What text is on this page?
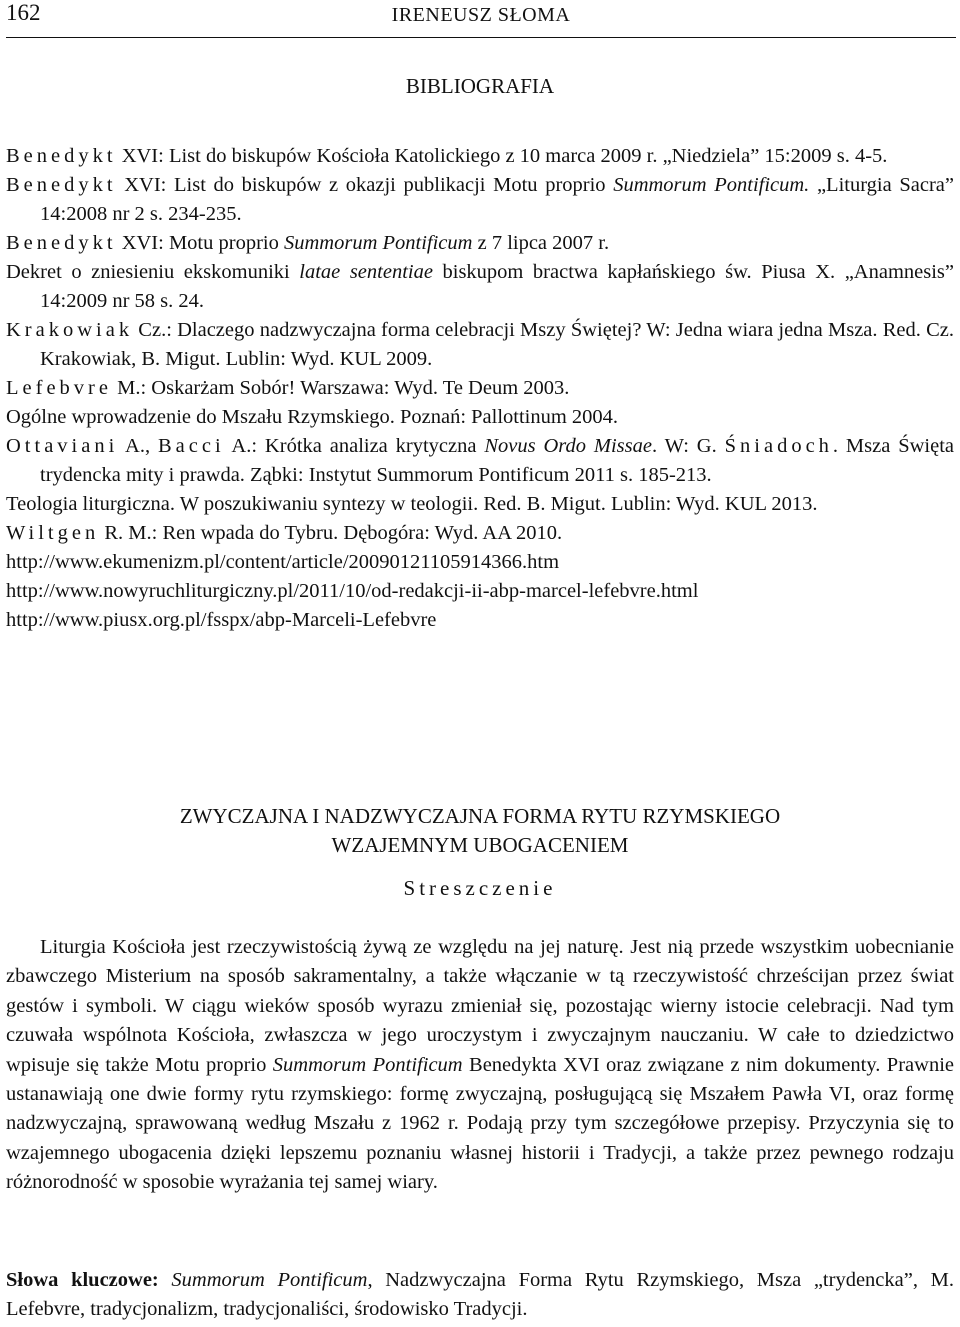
162	IRENEUSZ SŁOMA
BIBLIOGRAFIA
Benedykt XVI: List do biskupów Kościoła Katolickiego z 10 marca 2009 r. „Niedziela” 15:2009 s. 4-5.
Benedykt XVI: List do biskupów z okazji publikacji Motu proprio Summorum Pontificum. „Liturgia Sacra” 14:2008 nr 2 s. 234-235.
Benedykt XVI: Motu proprio Summorum Pontificum z 7 lipca 2007 r.
Dekret o zniesieniu ekskomuniki latae sententiae biskupom bractwa kapłańskiego św. Piusa X. „Anamnesis” 14:2009 nr 58 s. 24.
Krakowiak Cz.: Dlaczego nadzwyczajna forma celebracji Mszy Świętej? W: Jedna wiara jedna Msza. Red. Cz. Krakowiak, B. Migut. Lublin: Wyd. KUL 2009.
Lefebvre M.: Oskarżam Sobór! Warszawa: Wyd. Te Deum 2003.
Ogólne wprowadzenie do Mszału Rzymskiego. Poznań: Pallottinum 2004.
Ottaviani A., Bacci A.: Krótka analiza krytyczna Novus Ordo Missae. W: G. Śniadoch. Msza Święta trydencka mity i prawda. Ząbki: Instytut Summorum Pontificum 2011 s. 185-213.
Teologia liturgiczna. W poszukiwaniu syntezy w teologii. Red. B. Migut. Lublin: Wyd. KUL 2013.
Wiltgen R. M.: Ren wpada do Tybru. Dębogóra: Wyd. AA 2010.
http://www.ekumenizm.pl/content/article/20090121105914366.htm
http://www.nowyruchliturgiczny.pl/2011/10/od-redakcji-ii-abp-marcel-lefebvre.html
http://www.piusx.org.pl/fsspx/abp-Marceli-Lefebvre
ZWYCZAJNA I NADZWYCZAJNA FORMA RYTU RZYMSKIEGO
WZAJEMNYM UBOGACENIEM
Streszczenie
Liturgia Kościoła jest rzeczywistością żywą ze względu na jej naturę. Jest nią przede wszystkim uobecnianie zbawczego Misterium na sposób sakramentalny, a także włączanie w tą rzeczywistość chrześcijan przez świat gestów i symboli. W ciągu wieków sposób wyrazu zmieniał się, pozostając wierny istocie celebracji. Nad tym czuwała wspólnota Kościoła, zwłaszcza w jego uroczystym i zwyczajnym nauczaniu. W całe to dziedzictwo wpisuje się także Motu proprio Summorum Pontificum Benedykta XVI oraz związane z nim dokumenty. Prawnie ustanawiają one dwie formy rytu rzymskiego: formę zwyczajną, posługującą się Mszałem Pawła VI, oraz formę nadzwyczajną, sprawowaną według Mszału z 1962 r. Podają przy tym szczegółowe przepisy. Przyczynia się to wzajemnego ubogacenia dzięki lepszemu poznaniu własnej historii i Tradycji, a także przez pewnego rodzaju różnorodność w sposobie wyrażania tej samej wiary.
Słowa kluczowe: Summorum Pontificum, Nadzwyczajna Forma Rytu Rzymskiego, Msza „trydencka”, M. Lefebvre, tradycjonalizm, tradycjonaliści, środowisko Tradycji.
